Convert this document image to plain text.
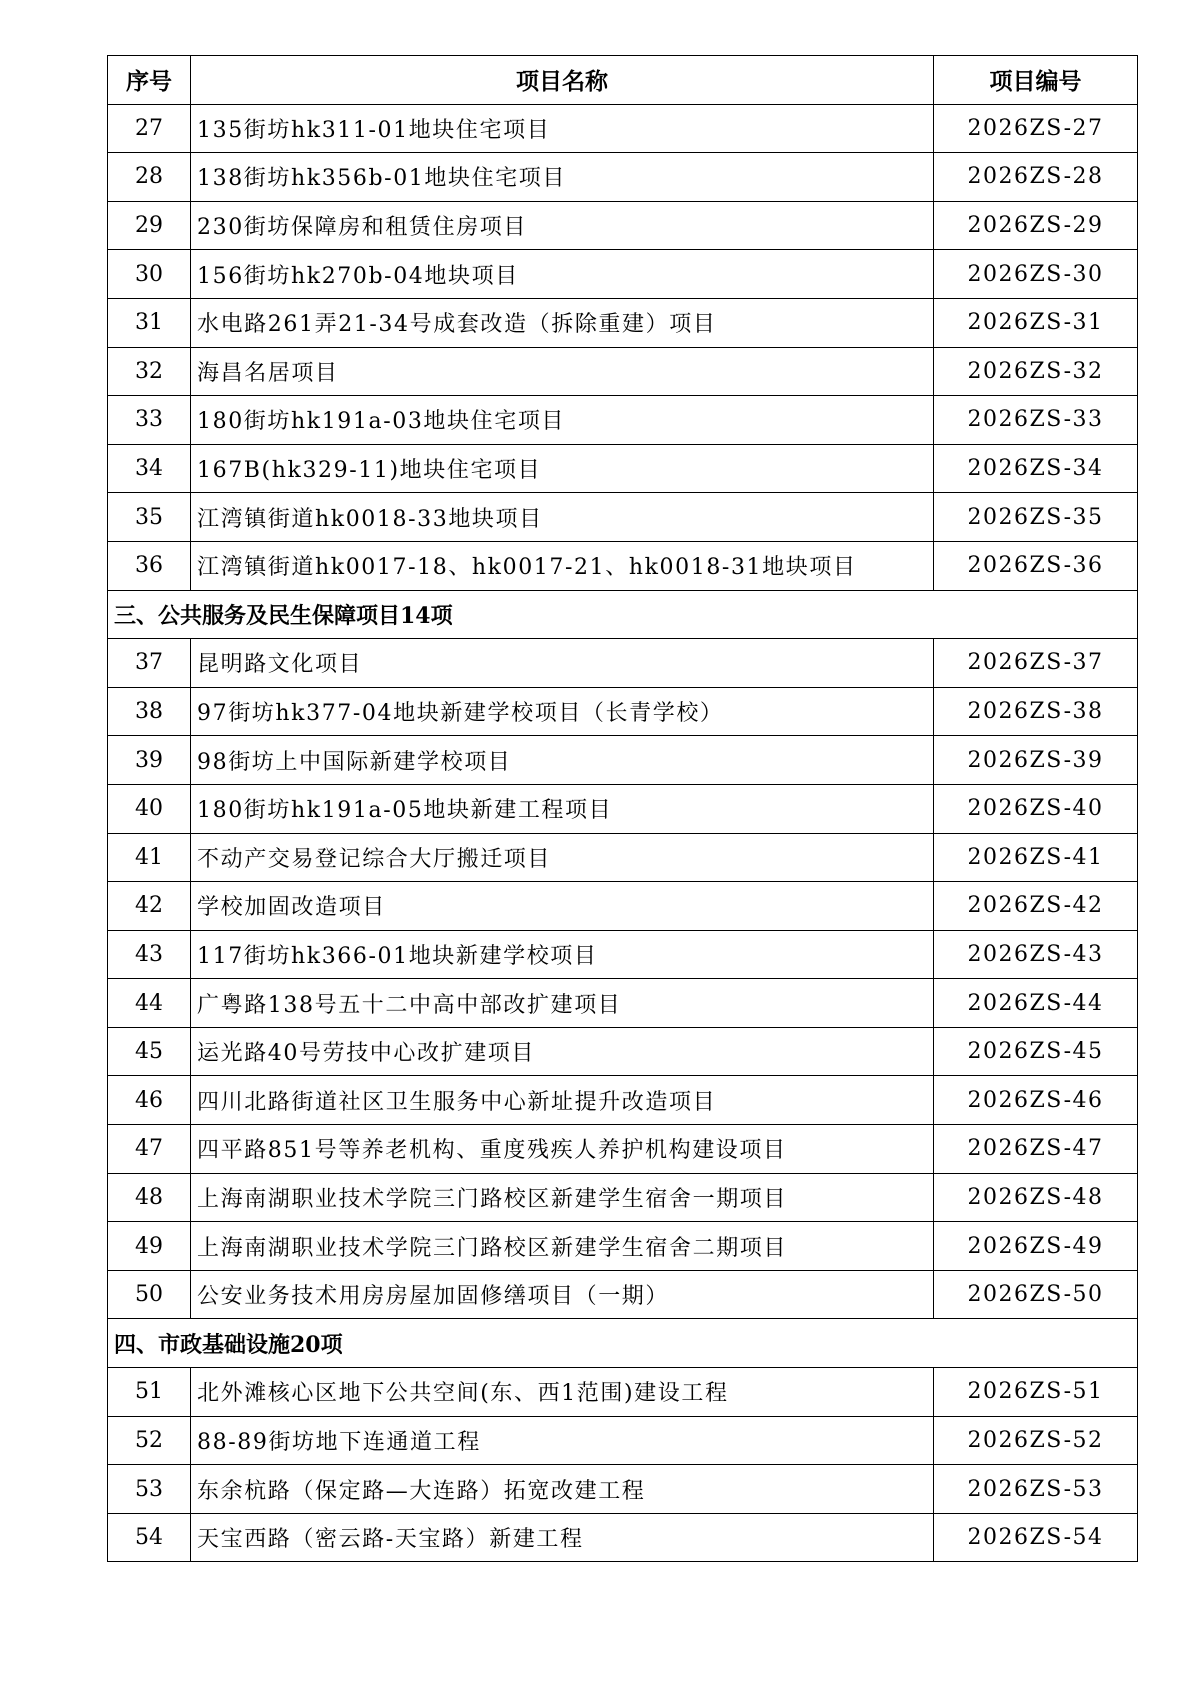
序号	项目名称	项目编号
27	135街坊hk311-01地块住宅项目	2026ZS-27
28	138街坊hk356b-01地块住宅项目	2026ZS-28
29	230街坊保障房和租赁住房项目	2026ZS-29
30	156街坊hk270b-04地块项目	2026ZS-30
31	水电路261弄21-34号成套改造（拆除重建）项目	2026ZS-31
32	海昌名居项目	2026ZS-32
33	180街坊hk191a-03地块住宅项目	2026ZS-33
34	167B(hk329-11)地块住宅项目	2026ZS-34
35	江湾镇街道hk0018-33地块项目	2026ZS-35
36	江湾镇街道hk0017-18、hk0017-21、hk0018-31地块项目	2026ZS-36
三、公共服务及民生保障项目14项		
37	昆明路文化项目	2026ZS-37
38	97街坊hk377-04地块新建学校项目（长青学校）	2026ZS-38
39	98街坊上中国际新建学校项目	2026ZS-39
40	180街坊hk191a-05地块新建工程项目	2026ZS-40
41	不动产交易登记综合大厅搬迁项目	2026ZS-41
42	学校加固改造项目	2026ZS-42
43	117街坊hk366-01地块新建学校项目	2026ZS-43
44	广粤路138号五十二中高中部改扩建项目	2026ZS-44
45	运光路40号劳技中心改扩建项目	2026ZS-45
46	四川北路街道社区卫生服务中心新址提升改造项目	2026ZS-46
47	四平路851号等养老机构、重度残疾人养护机构建设项目	2026ZS-47
48	上海南湖职业技术学院三门路校区新建学生宿舍一期项目	2026ZS-48
49	上海南湖职业技术学院三门路校区新建学生宿舍二期项目	2026ZS-49
50	公安业务技术用房房屋加固修缮项目（一期）	2026ZS-50
四、市政基础设施20项		
51	北外滩核心区地下公共空间(东、西1范围)建设工程	2026ZS-51
52	88-89街坊地下连通道工程	2026ZS-52
53	东余杭路（保定路—大连路）拓宽改建工程	2026ZS-53
54	天宝西路（密云路-天宝路）新建工程	2026ZS-54
